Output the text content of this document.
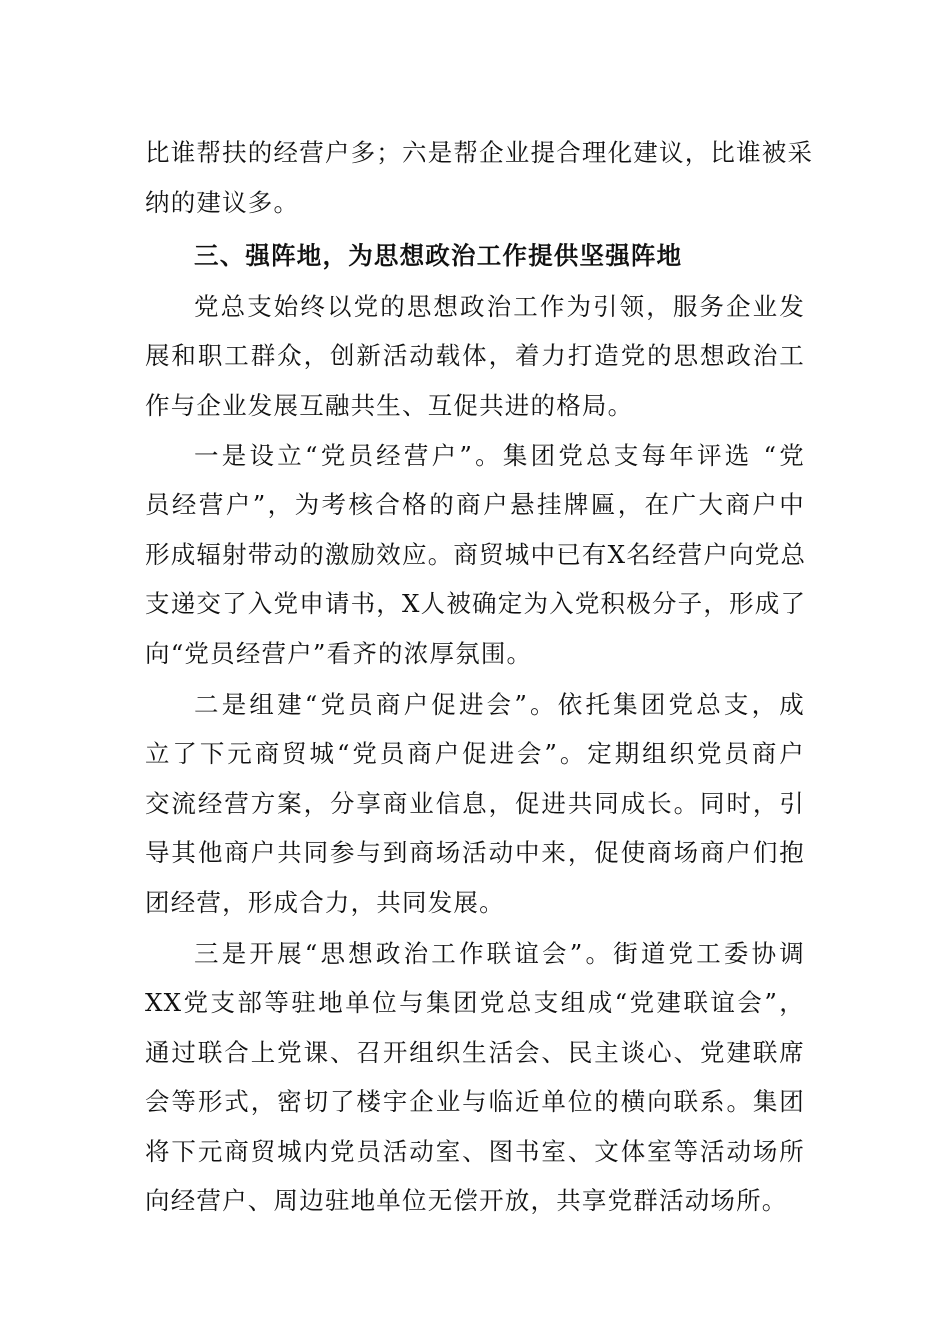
比谁帮扶的经营户多；六是帮企业提合理化建议，比谁被采
纳的建议多。
三、强阵地，为思想政治工作提供坚强阵地
党总支始终以党的思想政治工作为引领，服务企业发
展和职工群众，创新活动载体，着力打造党的思想政治工
作与企业发展互融共生、互促共进的格局。
一是设立“党员经营户”。集团党总支每年评选 “党
员经营户”，为考核合格的商户悬挂牌匾，在广大商户中
形成辐射带动的激励效应。商贸城中已有X名经营户向党总
支递交了入党申请书，X人被确定为入党积极分子，形成了
向“党员经营户”看齐的浓厚氛围。
二是组建“党员商户促进会”。依托集团党总支，成
立了下元商贸城“党员商户促进会”。定期组织党员商户
交流经营方案，分享商业信息，促进共同成长。同时，引
导其他商户共同参与到商场活动中来，促使商场商户们抱
团经营，形成合力，共同发展。
三是开展“思想政治工作联谊会”。街道党工委协调
XX党支部等驻地单位与集团党总支组成“党建联谊会”，
通过联合上党课、召开组织生活会、民主谈心、党建联席
会等形式，密切了楼宇企业与临近单位的横向联系。集团
将下元商贸城内党员活动室、图书室、文体室等活动场所
向经营户、周边驻地单位无偿开放，共享党群活动场所。
